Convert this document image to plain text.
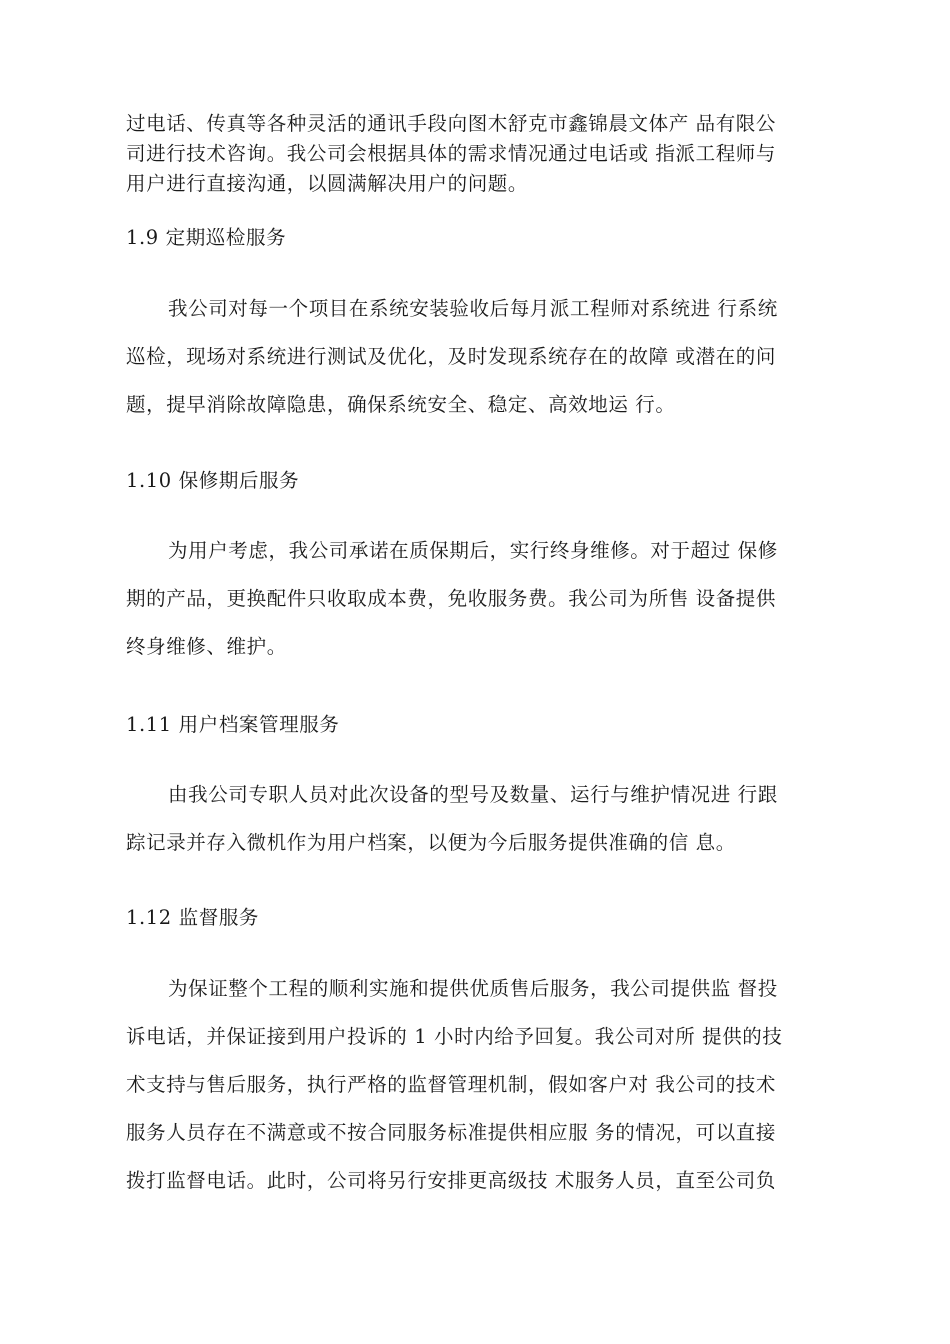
过电话、传真等各种灵活的通讯手段向图木舒克市鑫锦晨文体产 品有限公
司进行技术咨询。我公司会根据具体的需求情况通过电话或 指派工程师与
用户进行直接沟通，以圆满解决用户的问题。
1.9 定期巡检服务
我公司对每一个项目在系统安装验收后每月派工程师对系统进 行系统
巡检，现场对系统进行测试及优化，及时发现系统存在的故障 或潜在的问
题，提早消除故障隐患，确保系统安全、稳定、高效地运 行。
1.10 保修期后服务
为用户考虑，我公司承诺在质保期后，实行终身维修。对于超过 保修
期的产品，更换配件只收取成本费，免收服务费。我公司为所售 设备提供
终身维修、维护。
1.11 用户档案管理服务
由我公司专职人员对此次设备的型号及数量、运行与维护情况进 行跟
踪记录并存入微机作为用户档案，以便为今后服务提供准确的信 息。
1.12 监督服务
为保证整个工程的顺利实施和提供优质售后服务，我公司提供监 督投
诉电话，并保证接到用户投诉的 1 小时内给予回复。我公司对所 提供的技
术支持与售后服务，执行严格的监督管理机制，假如客户对 我公司的技术
服务人员存在不满意或不按合同服务标准提供相应服 务的情况，可以直接
拨打监督电话。此时，公司将另行安排更高级技 术服务人员，直至公司负
